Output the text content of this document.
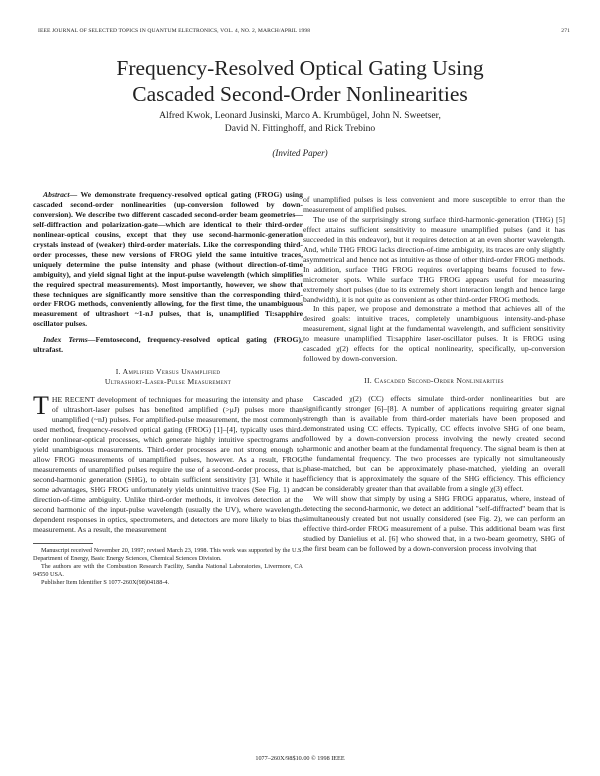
IEEE JOURNAL OF SELECTED TOPICS IN QUANTUM ELECTRONICS, VOL. 4, NO. 2, MARCH/APRIL 1998	271
Frequency-Resolved Optical Gating Using
Cascaded Second-Order Nonlinearities
Alfred Kwok, Leonard Jusinski, Marco A. Krumbügel, John N. Sweetser,
David N. Fittinghoff, and Rick Trebino
(Invited Paper)

Abstract— We demonstrate frequency-resolved optical gating (FROG) using cascaded second-order nonlinearities (up-conversion followed by down-conversion). We describe two different cascaded second-order beam geometries—self-diffraction and polarization-gate—which are identical to their third-order nonlinear-optical cousins, except that they use second-harmonic-generation crystals instead of (weaker) third-order materials. Like the corresponding third-order processes, these new versions of FROG yield the same intuitive traces, uniquely determine the pulse intensity and phase (without direction-of-time ambiguity), and yield signal light at the input-pulse wavelength (which simplifies the required spectral measurements). Most importantly, however, we show that these techniques are significantly more sensitive than the corresponding third-order FROG methods, conveniently allowing, for the first time, the unambiguous measurement of ultrashort ~1-nJ pulses, that is, unamplified Ti:sapphire oscillator pulses.

Index Terms—Femtosecond, frequency-resolved optical gating (FROG), ultrafast.

I. Amplified Versus Unamplified
Ultrashort-Laser-Pulse Measurement

THE RECENT development of techniques for measuring the intensity and phase of ultrashort-laser pulses has benefited amplified (>μJ) pulses more than unamplified (~nJ) pulses. For amplified-pulse measurement, the most commonly used method, frequency-resolved optical gating (FROG) [1]–[4], typically uses third-order nonlinear-optical processes, which generate highly intuitive spectrograms and yield unambiguous measurements. Third-order processes are not strong enough to allow FROG measurements of unamplified pulses, however. As a result, FROG measurements of unamplified pulses require the use of a second-order process, that is, second-harmonic generation (SHG), to obtain sufficient sensitivity [3]. While it has some advantages, SHG FROG unfortunately yields unintuitive traces (See Fig. 1) and direction-of-time ambiguity. Unlike third-order methods, it involves detection at the second harmonic of the input-pulse wavelength (usually the UV), where wavelength-dependent responses in optics, spectrometers, and detectors are more likely to bias the measurement. As a result, the measurement

Manuscript received November 20, 1997; revised March 23, 1998. This work was supported by the U.S. Department of Energy, Basic Energy Sciences, Chemical Sciences Division.

The authors are with the Combustion Research Facility, Sandia National Laboratories, Livermore, CA 94550 USA.

Publisher Item Identifier S 1077-260X(98)04188-4.

of unamplified pulses is less convenient and more susceptible to error than the measurement of amplified pulses.

The use of the surprisingly strong surface third-harmonic-generation (THG) [5] effect attains sufficient sensitivity to measure unamplified pulses (and it has succeeded in this endeavor), but it requires detection at an even shorter wavelength. And, while THG FROG lacks direction-of-time ambiguity, its traces are only slightly asymmetrical and hence not as intuitive as those of other third-order FROG methods. In addition, surface THG FROG requires overlapping beams focused to few-micrometer spots. While surface THG FROG appears useful for measuring extremely short pulses (due to its extremely short interaction length and hence large bandwidth), it is not quite as convenient as other third-order FROG methods.

In this paper, we propose and demonstrate a method that achieves all of the desired goals: intuitive traces, completely unambiguous intensity-and-phase measurement, signal light at the fundamental wavelength, and sufficient sensitivity to measure unamplified Ti:sapphire laser-oscillator pulses. It is FROG using cascaded χ(2) effects for the optical nonlinearity, specifically, up-conversion followed by down-conversion.

II. Cascaded Second-Order Nonlinearities

Cascaded χ(2) (CC) effects simulate third-order nonlinearities but are significantly stronger [6]–[8]. A number of applications requiring greater signal strength than is available from third-order materials have been proposed and demonstrated using CC effects. Typically, CC effects involve SHG of one beam, followed by a down-conversion process involving the newly created second harmonic and another beam at the fundamental frequency. The signal beam is then at the fundamental frequency. The two processes are typically not simultaneously phase-matched, but can be approximately phase-matched, yielding an overall efficiency that is approximately the square of the SHG efficiency. This efficiency can be considerably greater than that available from a single χ(3) effect.

We will show that simply by using a SHG FROG apparatus, where, instead of detecting the second-harmonic, we detect an additional "self-diffracted" beam that is simultaneously created but not usually considered (see Fig. 2), we can perform an effective third-order FROG measurement of a pulse. This additional beam was first studied by Danielius et al. [6] who showed that, in a two-beam geometry, SHG of the first beam can be followed by a down-conversion process involving that

1077–260X/98$10.00 © 1998 IEEE
